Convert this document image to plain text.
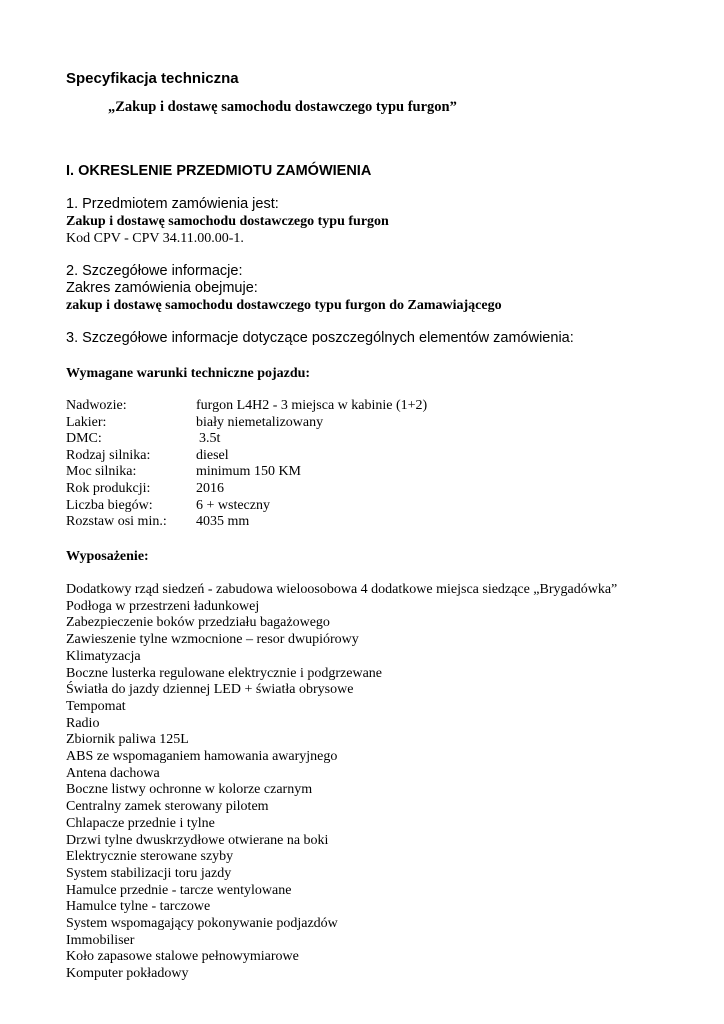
Specyfikacja techniczna
„Zakup i dostawę samochodu dostawczego typu furgon”
I. OKRESLENIE PRZEDMIOTU ZAMÓWIENIA
1. Przedmiotem zamówienia jest:
Zakup i dostawę samochodu dostawczego typu furgon
Kod CPV - CPV 34.11.00.00-1.
2. Szczegółowe informacje:
Zakres zamówienia obejmuje:
zakup i dostawę samochodu dostawczego typu furgon do Zamawiającego
3. Szczegółowe informacje dotyczące poszczególnych elementów zamówienia:
Wymagane warunki techniczne pojazdu:
Nadwozie:	furgon L4H2 - 3 miejsca w kabinie (1+2)
Lakier:	biały niemetalizowany
DMC:	3.5t
Rodzaj silnika:	diesel
Moc silnika:	minimum 150 KM
Rok produkcji:	2016
Liczba biegów:	6 + wsteczny
Rozstaw osi min.: 4035 mm
Wyposażenie:
Dodatkowy rząd siedzeń - zabudowa wieloosobowa 4 dodatkowe miejsca siedzące „Brygadówka”
Podłoga w przestrzeni ładunkowej
Zabezpieczenie boków przedziału bagażowego
Zawieszenie tylne wzmocnione – resor dwupiórowy
Klimatyzacja
Boczne lusterka regulowane elektrycznie i podgrzewane
Światła do jazdy dziennej LED + światła obrysowe
Tempomat
Radio
Zbiornik paliwa 125L
ABS ze wspomaganiem hamowania awaryjnego
Antena dachowa
Boczne listwy ochronne w kolorze czarnym
Centralny zamek sterowany pilotem
Chlapacze przednie i tylne
Drzwi tylne dwuskrzydłowe otwierane na boki
Elektrycznie sterowane szyby
System stabilizacji toru jazdy
Hamulce przednie - tarcze wentylowane
Hamulce tylne - tarczowe
System wspomagający pokonywanie podjazdów
Immobiliser
Koło zapasowe stalowe pełnowymiarowe
Komputer pokładowy
